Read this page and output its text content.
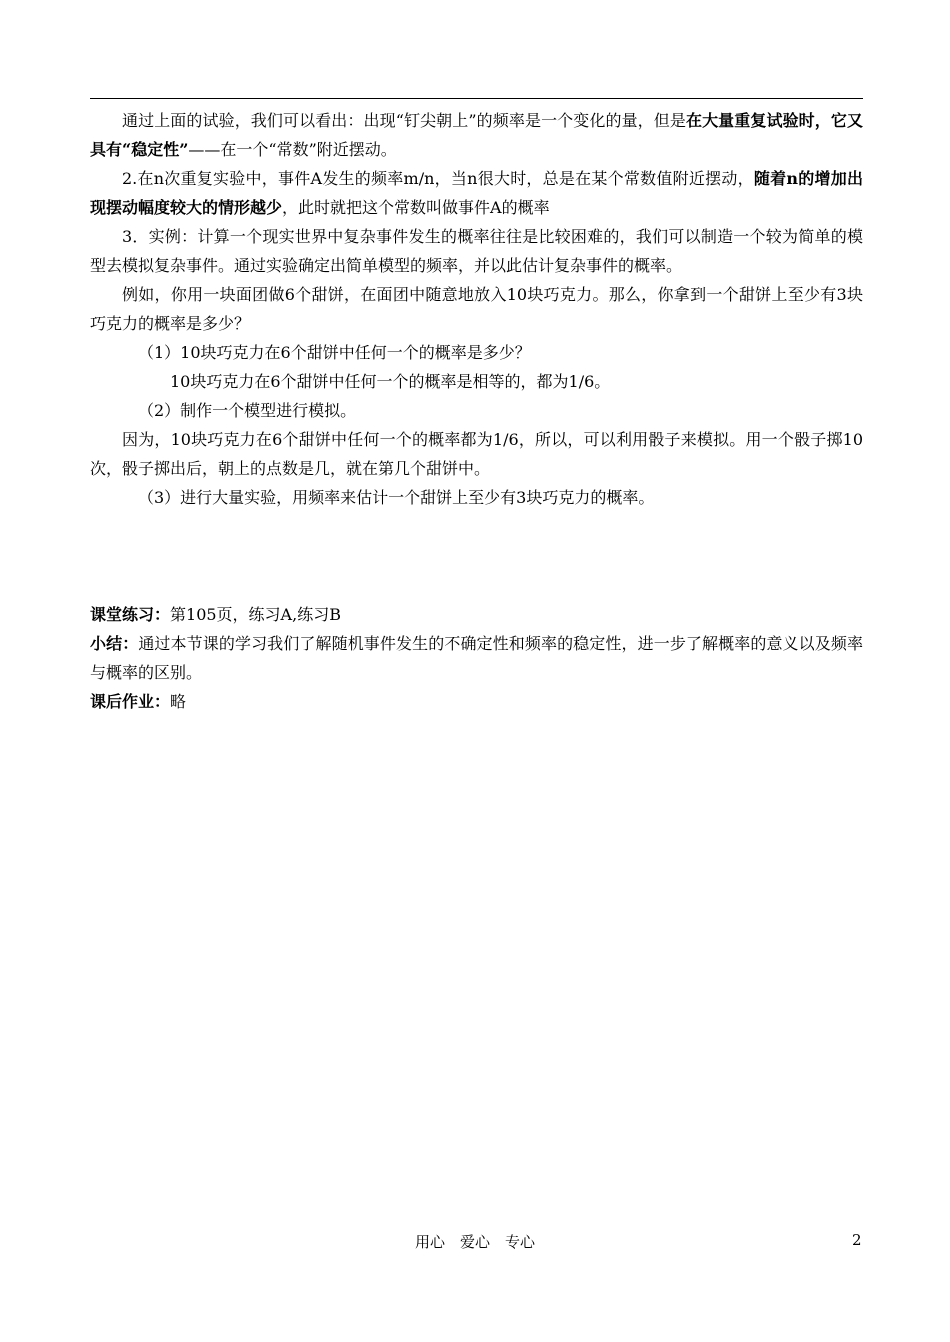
通过上面的试验，我们可以看出：出现“钉尖朝上”的频率是一个变化的量，但是在大量重复试验时，它又具有“稳定性”——在一个“常数”附近摆动。

2.在n次重复实验中，事件A发生的频率m/n，当n很大时，总是在某个常数值附近摆动，随着n的增加出现摆动幅度较大的情形越少，此时就把这个常数叫做事件A的概率

3．实例：计算一个现实世界中复杂事件发生的概率往往是比较困难的，我们可以制造一个较为简单的模型去模拟复杂事件。通过实验确定出简单模型的频率，并以此估计复杂事件的概率。

例如，你用一块面团做6个甜饼，在面团中随意地放入10块巧克力。那么，你拿到一个甜饼上至少有3块巧克力的概率是多少？

（1）10块巧克力在6个甜饼中任何一个的概率是多少？

10块巧克力在6个甜饼中任何一个的概率是相等的，都为1/6。

（2）制作一个模型进行模拟。

因为，10块巧克力在6个甜饼中任何一个的概率都为1/6，所以，可以利用骰子来模拟。用一个骰子掷10次，骰子掷出后，朝上的点数是几，就在第几个甜饼中。

（3）进行大量实验，用频率来估计一个甜饼上至少有3块巧克力的概率。

课堂练习：第105页，练习A,练习B

小结：通过本节课的学习我们了解随机事件发生的不确定性和频率的稳定性，进一步了解概率的意义以及频率与概率的区别。

课后作业：略

用心　爱心　专心	2
